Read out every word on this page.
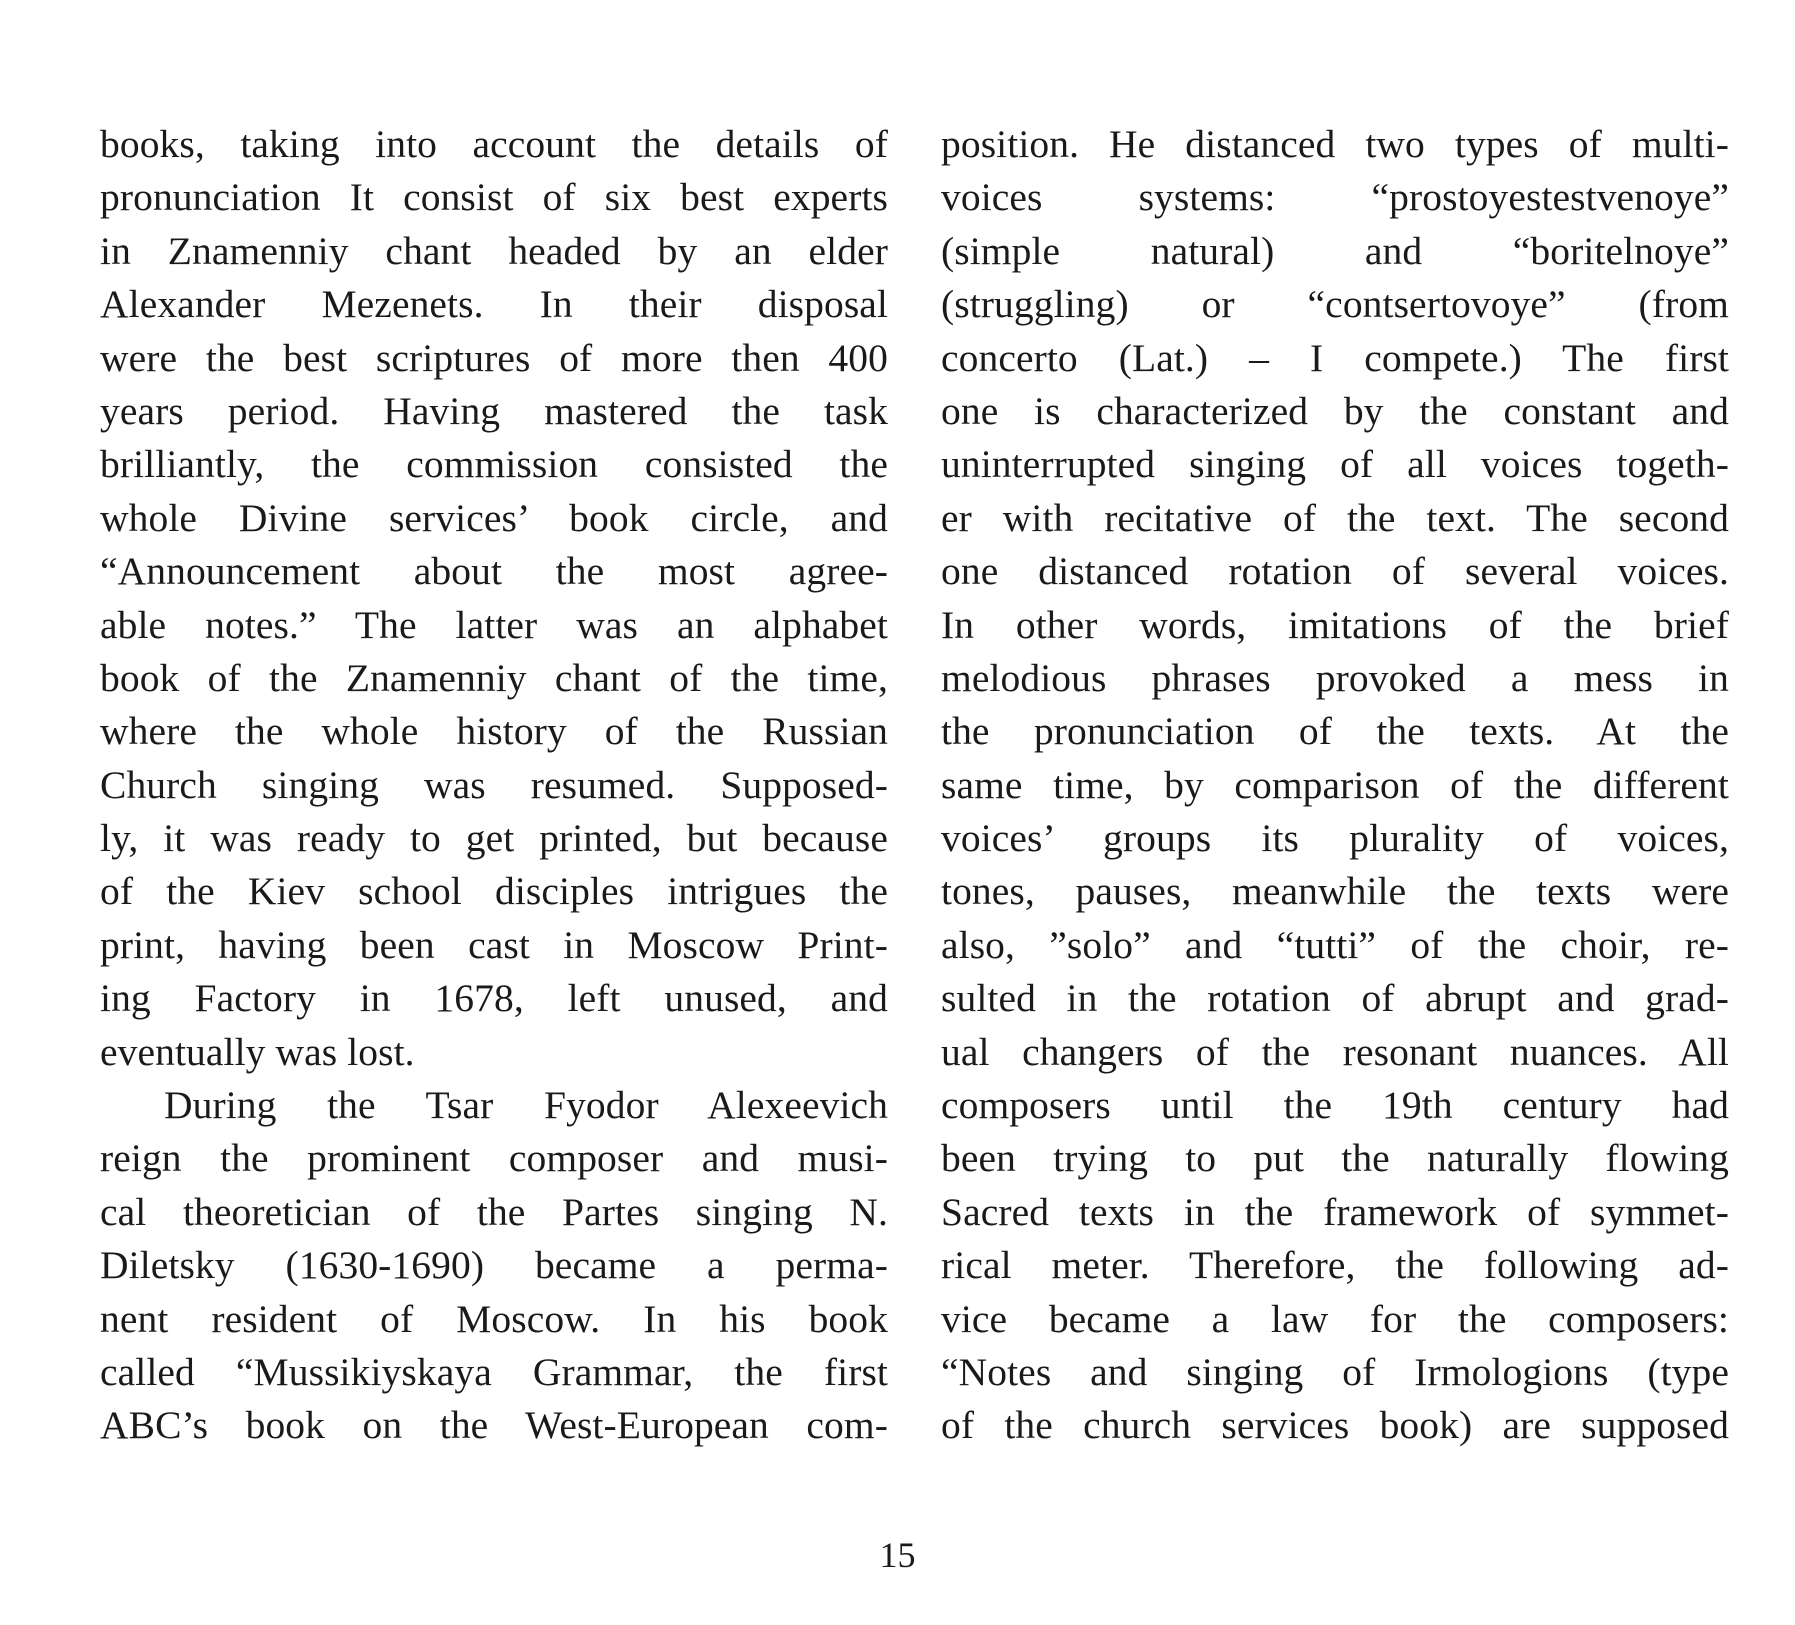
books, taking into account the details of
pronunciation It consist of six best experts
in Znamenniy chant headed by an elder
Alexander Mezenets. In their disposal
were the best scriptures of more then 400
years period. Having mastered the task
brilliantly, the commission consisted the
whole Divine services’ book circle, and
“Announcement about the most agree-
able notes.” The latter was an alphabet
book of the Znamenniy chant of the time,
where the whole history of the Russian
Church singing was resumed. Supposed-
ly, it was ready to get printed, but because
of the Kiev school disciples intrigues the
print, having been cast in Moscow Print-
ing Factory in 1678, left unused, and
eventually was lost.
During the Tsar Fyodor Alexeevich
reign the prominent composer and musi-
cal theoretician of the Partes singing N.
Diletsky (1630-1690) became a perma-
nent resident of Moscow. In his book
called “Mussikiyskaya Grammar, the first
ABC’s book on the West-European com-
position. He distanced two types of multi-
voices systems: “prostoyestestvenoye”
(simple natural) and “boritelnoye”
(struggling) or “contsertovoye” (from
concerto (Lat.) – I compete.) The first
one is characterized by the constant and
uninterrupted singing of all voices togeth-
er with recitative of the text. The second
one distanced rotation of several voices.
In other words, imitations of the brief
melodious phrases provoked a mess in
the pronunciation of the texts. At the
same time, by comparison of the different
voices’ groups its plurality of voices,
tones, pauses, meanwhile the texts were
also, ”solo” and “tutti” of the choir, re-
sulted in the rotation of abrupt and grad-
ual changers of the resonant nuances. All
composers until the 19th century had
been trying to put the naturally flowing
Sacred texts in the framework of symmet-
rical meter. Therefore, the following ad-
vice became a law for the composers:
“Notes and singing of Irmologions (type
of the church services book) are supposed
15
